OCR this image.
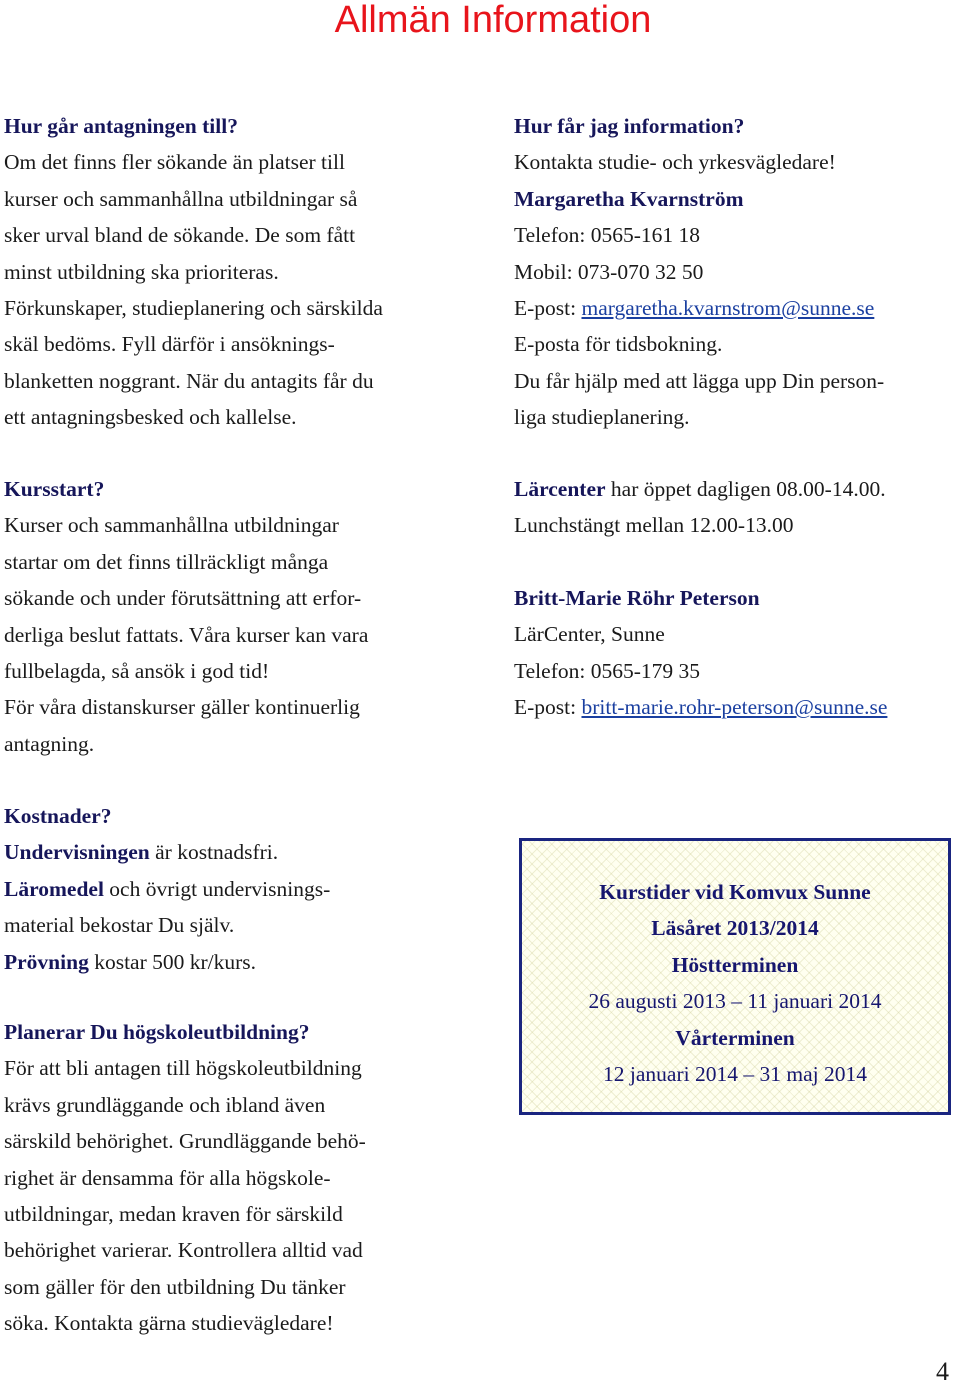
Allmän Information
Hur går antagningen till?
Om det finns fler sökande än platser till
kurser och sammanhållna utbildningar så
sker urval bland de sökande. De som fått
minst utbildning ska prioriteras.
Förkunskaper, studieplanering och särskilda
skäl bedöms. Fyll därför i ansöknings-
blanketten noggrant. När du antagits får du
ett antagningsbesked och kallelse.
Kursstart?
Kurser och sammanhållna utbildningar
startar om det finns tillräckligt många
sökande och under förutsättning att erfor-
derliga beslut fattats. Våra kurser kan vara
fullbelagda, så ansök i god tid!
För våra distanskurser gäller kontinuerlig
antagning.
Kostnader?
Undervisningen är kostnadsfri.
Läromedel och övrigt undervisnings-
material bekostar Du själv.
Prövning kostar 500 kr/kurs.
Planerar Du högskoleutbildning?
För att bli antagen till högskoleutbildning
krävs grundläggande och ibland även
särskild behörighet. Grundläggande behö-
righet är densamma för alla högskole-
utbildningar, medan kraven för särskild
behörighet varierar. Kontrollera alltid vad
som gäller för den utbildning Du tänker
söka. Kontakta gärna studievägledare!
Hur får jag information?
Kontakta studie- och yrkesvägledare!
Margaretha Kvarnström
Telefon: 0565-161 18
Mobil: 073-070 32 50
E-post: margaretha.kvarnstrom@sunne.se
E-posta för tidsbokning.
Du får hjälp med att lägga upp Din person-
liga studieplanering.
Lärcenter har öppet dagligen 08.00-14.00.
Lunchstängt mellan 12.00-13.00
Britt-Marie Röhr Peterson
LärCenter, Sunne
Telefon: 0565-179 35
E-post: britt-marie.rohr-peterson@sunne.se
Kurstider vid Komvux Sunne
Läsåret 2013/2014
Höstterminen
26 augusti 2013 – 11 januari 2014
Vårterminen
12 januari 2014 – 31 maj 2014
4
